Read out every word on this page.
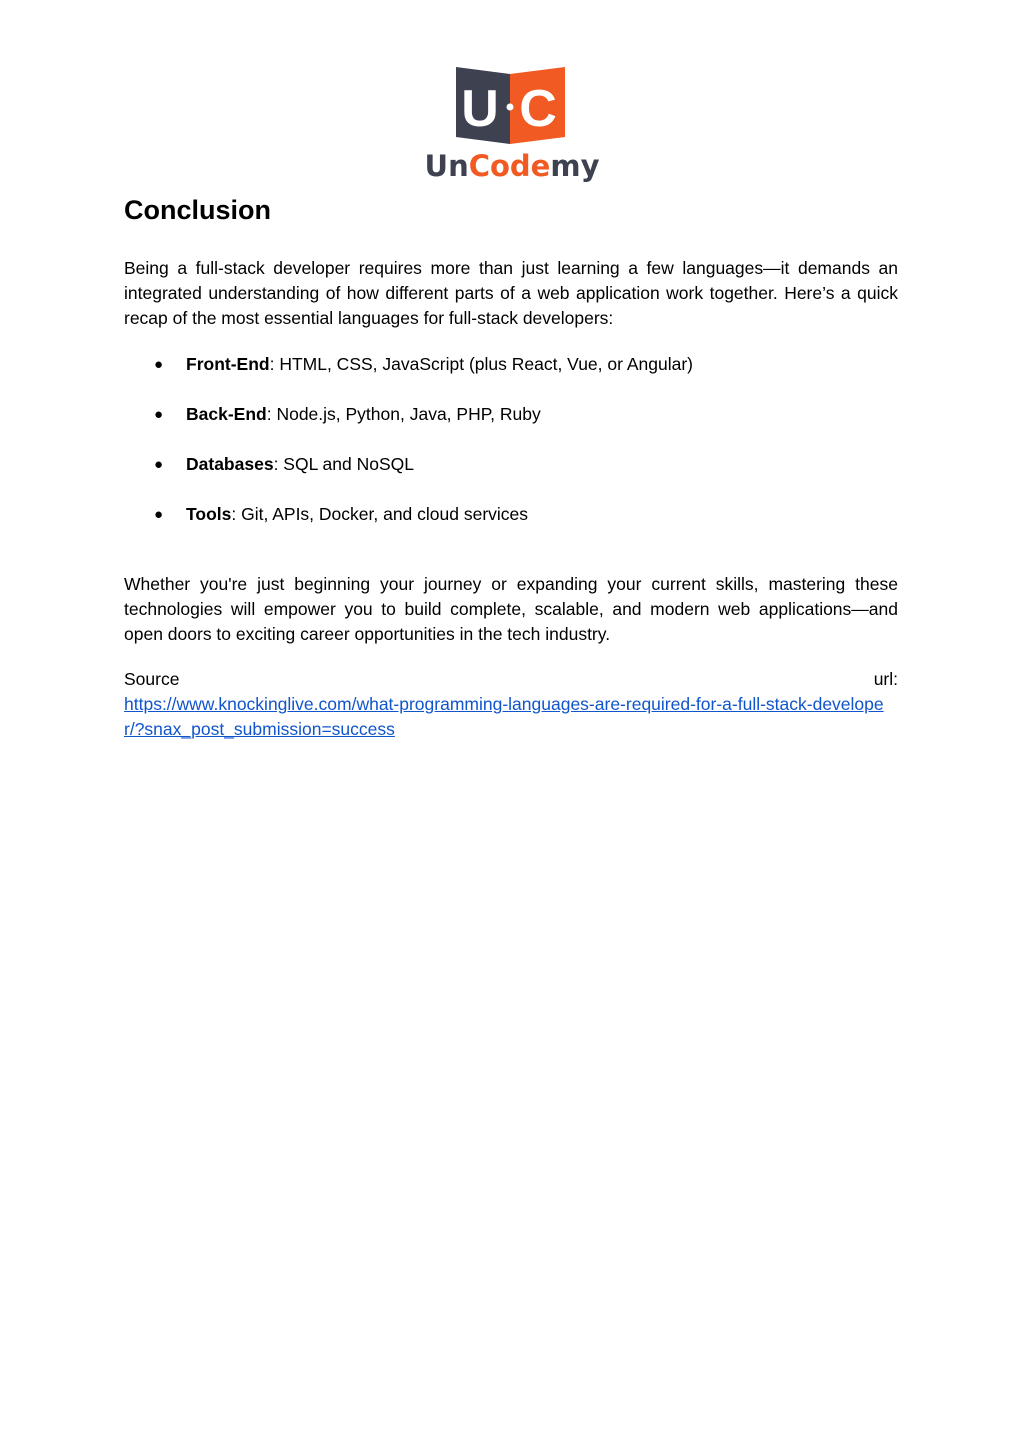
U C
UnCodemy
Conclusion

Being a full-stack developer requires more than just learning a few languages—it demands an integrated understanding of how different parts of a web application work together. Here’s a quick recap of the most essential languages for full-stack developers:

● Front-End: HTML, CSS, JavaScript (plus React, Vue, or Angular)
● Back-End: Node.js, Python, Java, PHP, Ruby
● Databases: SQL and NoSQL
● Tools: Git, APIs, Docker, and cloud services

Whether you're just beginning your journey or expanding your current skills, mastering these technologies will empower you to build complete, scalable, and modern web applications—and open doors to exciting career opportunities in the tech industry.

Source	url:
https://www.knockinglive.com/what-programming-languages-are-required-for-a-full-stack-developer/?snax_post_submission=success
